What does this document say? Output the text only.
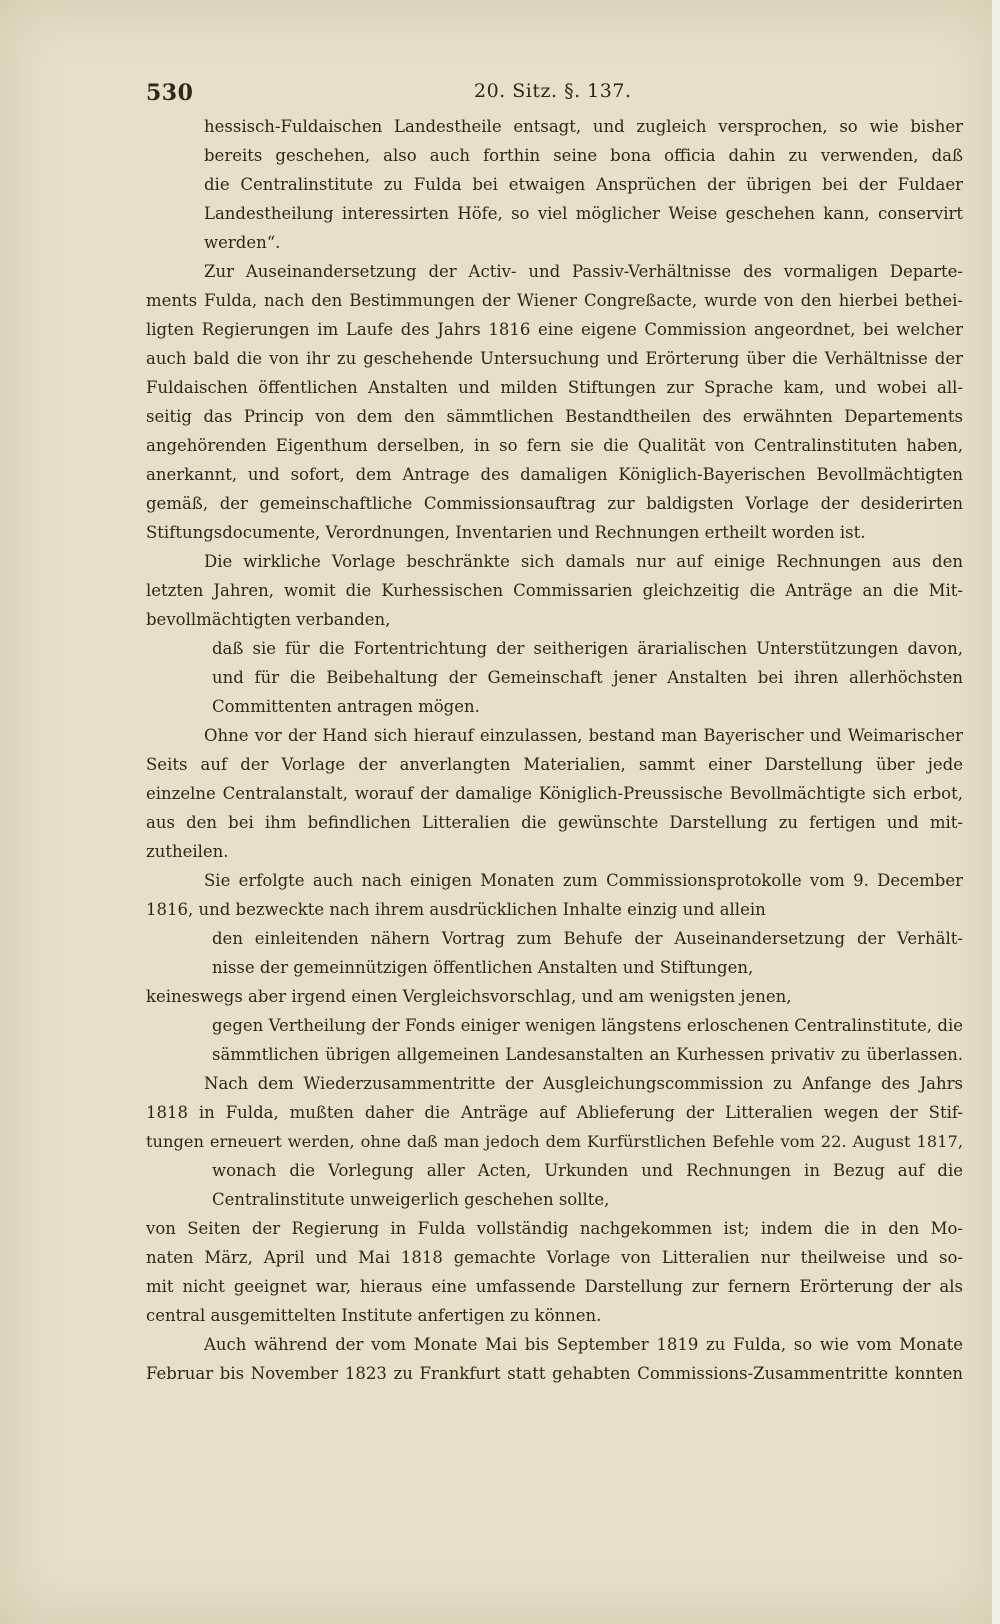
530	20. Sitz. §. 137.
hessisch-Fuldaischen Landestheile entsagt, und zugleich versprochen, so wie bisher
bereits geschehen, also auch forthin seine bona officia dahin zu verwenden, daß
die Centralinstitute zu Fulda bei etwaigen Ansprüchen der übrigen bei der Fuldaer
Landestheilung interessirten Höfe, so viel möglicher Weise geschehen kann, conservirt
werden“.
Zur Auseinandersetzung der Activ- und Passiv-Verhältnisse des vormaligen Departe-
ments Fulda, nach den Bestimmungen der Wiener Congreßacte, wurde von den hierbei bethei-
ligten Regierungen im Laufe des Jahrs 1816 eine eigene Commission angeordnet, bei welcher
auch bald die von ihr zu geschehende Untersuchung und Erörterung über die Verhältnisse der
Fuldaischen öffentlichen Anstalten und milden Stiftungen zur Sprache kam, und wobei all-
seitig das Princip von dem den sämmtlichen Bestandtheilen des erwähnten Departements
angehörenden Eigenthum derselben, in so fern sie die Qualität von Centralinstituten haben,
anerkannt, und sofort, dem Antrage des damaligen Königlich-Bayerischen Bevollmächtigten
gemäß, der gemeinschaftliche Commissionsauftrag zur baldigsten Vorlage der desiderirten
Stiftungsdocumente, Verordnungen, Inventarien und Rechnungen ertheilt worden ist.
Die wirkliche Vorlage beschränkte sich damals nur auf einige Rechnungen aus den
letzten Jahren, womit die Kurhessischen Commissarien gleichzeitig die Anträge an die Mit-
bevollmächtigten verbanden,
daß sie für die Fortentrichtung der seitherigen ärarialischen Unterstützungen davon,
und für die Beibehaltung der Gemeinschaft jener Anstalten bei ihren allerhöchsten
Committenten antragen mögen.
Ohne vor der Hand sich hierauf einzulassen, bestand man Bayerischer und Weimarischer
Seits auf der Vorlage der anverlangten Materialien, sammt einer Darstellung über jede
einzelne Centralanstalt, worauf der damalige Königlich-Preussische Bevollmächtigte sich erbot,
aus den bei ihm befindlichen Litteralien die gewünschte Darstellung zu fertigen und mit-
zutheilen.
Sie erfolgte auch nach einigen Monaten zum Commissionsprotokolle vom 9. December
1816, und bezweckte nach ihrem ausdrücklichen Inhalte einzig und allein
den einleitenden nähern Vortrag zum Behufe der Auseinandersetzung der Verhält-
nisse der gemeinnützigen öffentlichen Anstalten und Stiftungen,
keineswegs aber irgend einen Vergleichsvorschlag, und am wenigsten jenen,
gegen Vertheilung der Fonds einiger wenigen längstens erloschenen Centralinstitute, die
sämmtlichen übrigen allgemeinen Landesanstalten an Kurhessen privativ zu überlassen.
Nach dem Wiederzusammentritte der Ausgleichungscommission zu Anfange des Jahrs
1818 in Fulda, mußten daher die Anträge auf Ablieferung der Litteralien wegen der Stif-
tungen erneuert werden, ohne daß man jedoch dem Kurfürstlichen Befehle vom 22. August 1817,
wonach die Vorlegung aller Acten, Urkunden und Rechnungen in Bezug auf die
Centralinstitute unweigerlich geschehen sollte,
von Seiten der Regierung in Fulda vollständig nachgekommen ist; indem die in den Mo-
naten März, April und Mai 1818 gemachte Vorlage von Litteralien nur theilweise und so-
mit nicht geeignet war, hieraus eine umfassende Darstellung zur fernern Erörterung der als
central ausgemittelten Institute anfertigen zu können.
Auch während der vom Monate Mai bis September 1819 zu Fulda, so wie vom Monate
Februar bis November 1823 zu Frankfurt statt gehabten Commissions-Zusammentritte konnten
